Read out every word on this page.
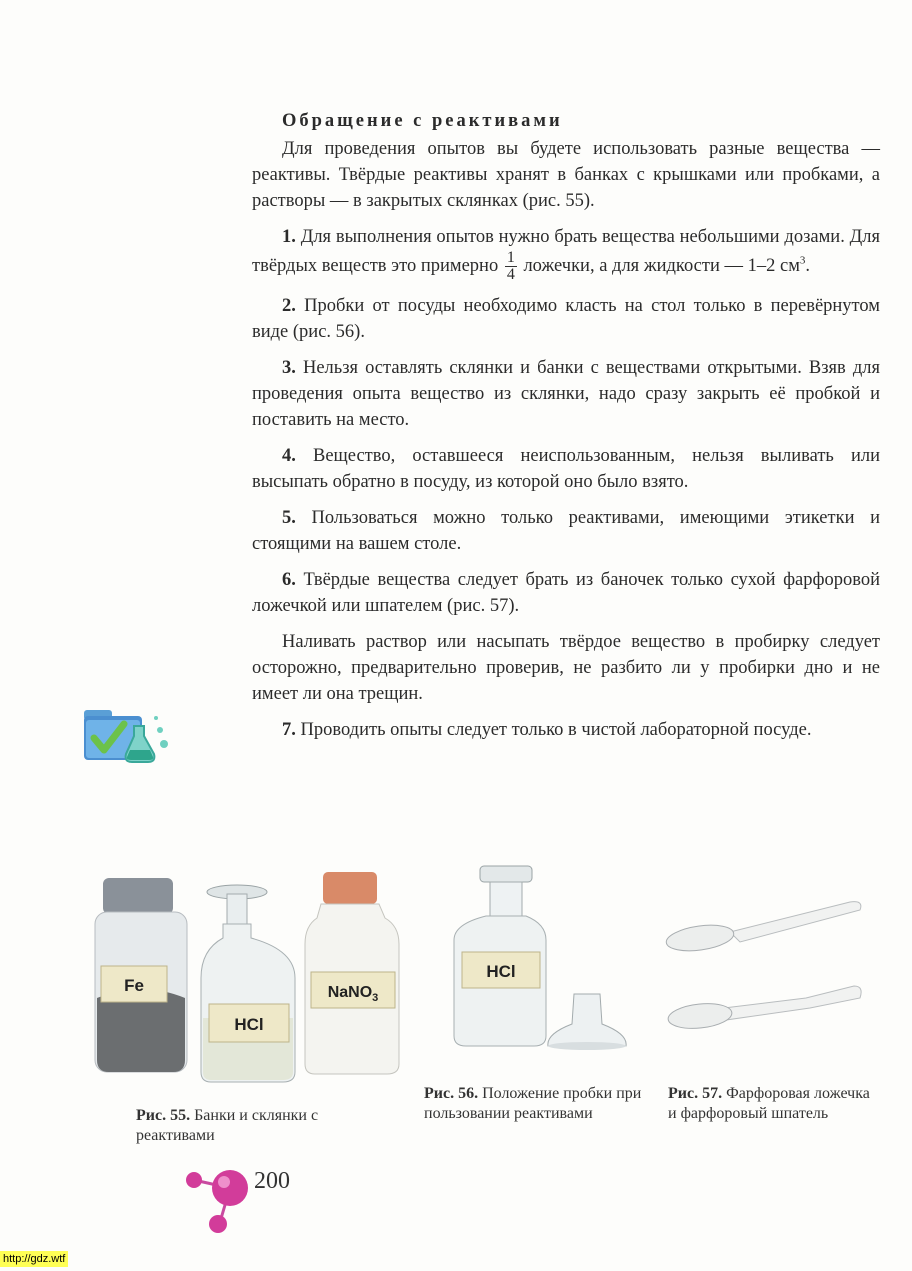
Обращение с реактивами

Для проведения опытов вы будете использовать разные вещества — реактивы. Твёрдые реактивы хранят в банках с крышками или пробками, а растворы — в закрытых склянках (рис. 55).

1. Для выполнения опытов нужно брать вещества небольшими дозами. Для твёрдых веществ это примерно $\frac{1}{4}$ ложечки, а для жидкости — 1–2 $см^3$.

2. Пробки от посуды необходимо класть на стол только в перевёрнутом виде (рис. 56).

3. Нельзя оставлять склянки и банки с веществами открытыми. Взяв для проведения опыта вещество из склянки, надо сразу закрыть её пробкой и поставить на место.

4. Вещество, оставшееся неиспользованным, нельзя выливать или высыпать обратно в посуду, из которой оно было взято.

5. Пользоваться можно только реактивами, имеющими этикетки и стоящими на вашем столе.

6. Твёрдые вещества следует брать из баночек только сухой фарфоровой ложечкой или шпателем (рис. 57).

Наливать раствор или насыпать твёрдое вещество в пробирку следует осторожно, предварительно проверив, не разбито ли у пробирки дно и не имеет ли она трещин.

7. Проводить опыты следует только в чистой лабораторной посуде.

Fe
HCl
NaNO$_3$
Рис. 55. Банки и склянки с реактивами
HCl
Рис. 56. Положение пробки при пользовании реактивами
Рис. 57. Фарфоровая ложечка и фарфоровый шпатель
200
http://gdz.wtf
